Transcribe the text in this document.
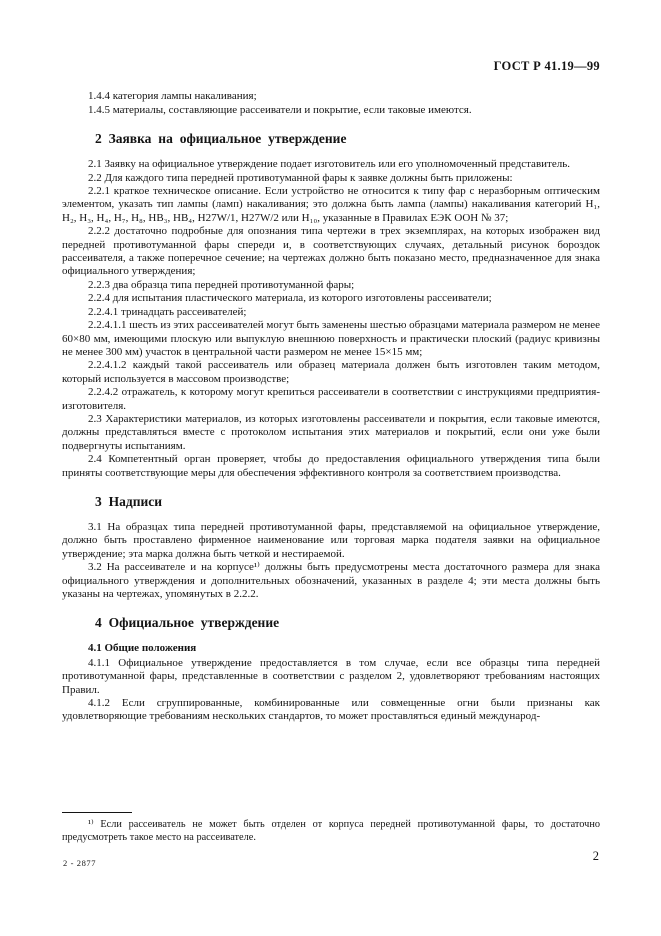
ГОСТ Р 41.19—99
1.4.4 категория лампы накаливания;
1.4.5 материалы, составляющие рассеиватели и покрытие, если таковые имеются.
2 Заявка на официальное утверждение
2.1 Заявку на официальное утверждение подает изготовитель или его уполномоченный представитель.
2.2 Для каждого типа передней противотуманной фары к заявке должны быть приложены:
2.2.1 краткое техническое описание. Если устройство не относится к типу фар с неразборным оптическим элементом, указать тип лампы (ламп) накаливания; это должна быть лампа (лампы) накаливания категорий H₁, H₂, H₃, H₄, H₇, H₈, HB₃, HB₄, H27W/1, H27W/2 или H₁₀, указанные в Правилах ЕЭК ООН № 37;
2.2.2 достаточно подробные для опознания типа чертежи в трех экземплярах, на которых изображен вид передней противотуманной фары спереди и, в соответствующих случаях, детальный рисунок бороздок рассеивателя, а также поперечное сечение; на чертежах должно быть показано место, предназначенное для знака официального утверждения;
2.2.3 два образца типа передней противотуманной фары;
2.2.4 для испытания пластического материала, из которого изготовлены рассеиватели;
2.2.4.1 тринадцать рассеивателей;
2.2.4.1.1 шесть из этих рассеивателей могут быть заменены шестью образцами материала размером не менее 60×80 мм, имеющими плоскую или выпуклую внешнюю поверхность и практически плоский (радиус кривизны не менее 300 мм) участок в центральной части размером не менее 15×15 мм;
2.2.4.1.2 каждый такой рассеиватель или образец материала должен быть изготовлен таким методом, который используется в массовом производстве;
2.2.4.2 отражатель, к которому могут крепиться рассеиватели в соответствии с инструкциями предприятия-изготовителя.
2.3 Характеристики материалов, из которых изготовлены рассеиватели и покрытия, если таковые имеются, должны представляться вместе с протоколом испытания этих материалов и покрытий, если они уже были подвергнуты испытаниям.
2.4 Компетентный орган проверяет, чтобы до предоставления официального утверждения типа были приняты соответствующие меры для обеспечения эффективного контроля за соответствием производства.
3 Надписи
3.1 На образцах типа передней противотуманной фары, представляемой на официальное утверждение, должно быть проставлено фирменное наименование или торговая марка подателя заявки на официальное утверждение; эта марка должна быть четкой и нестираемой.
3.2 На рассеивателе и на корпусе¹⁾ должны быть предусмотрены места достаточного размера для знака официального утверждения и дополнительных обозначений, указанных в разделе 4; эти места должны быть указаны на чертежах, упомянутых в 2.2.2.
4 Официальное утверждение
4.1 Общие положения
4.1.1 Официальное утверждение предоставляется в том случае, если все образцы типа передней противотуманной фары, представленные в соответствии с разделом 2, удовлетворяют требованиям настоящих Правил.
4.1.2 Если сгруппированные, комбинированные или совмещенные огни были признаны как удовлетворяющие требованиям нескольких стандартов, то может проставляться единый международ-
¹⁾ Если рассеиватель не может быть отделен от корпуса передней противотуманной фары, то достаточно предусмотреть такое место на рассеивателе.
2 - 2877	2
